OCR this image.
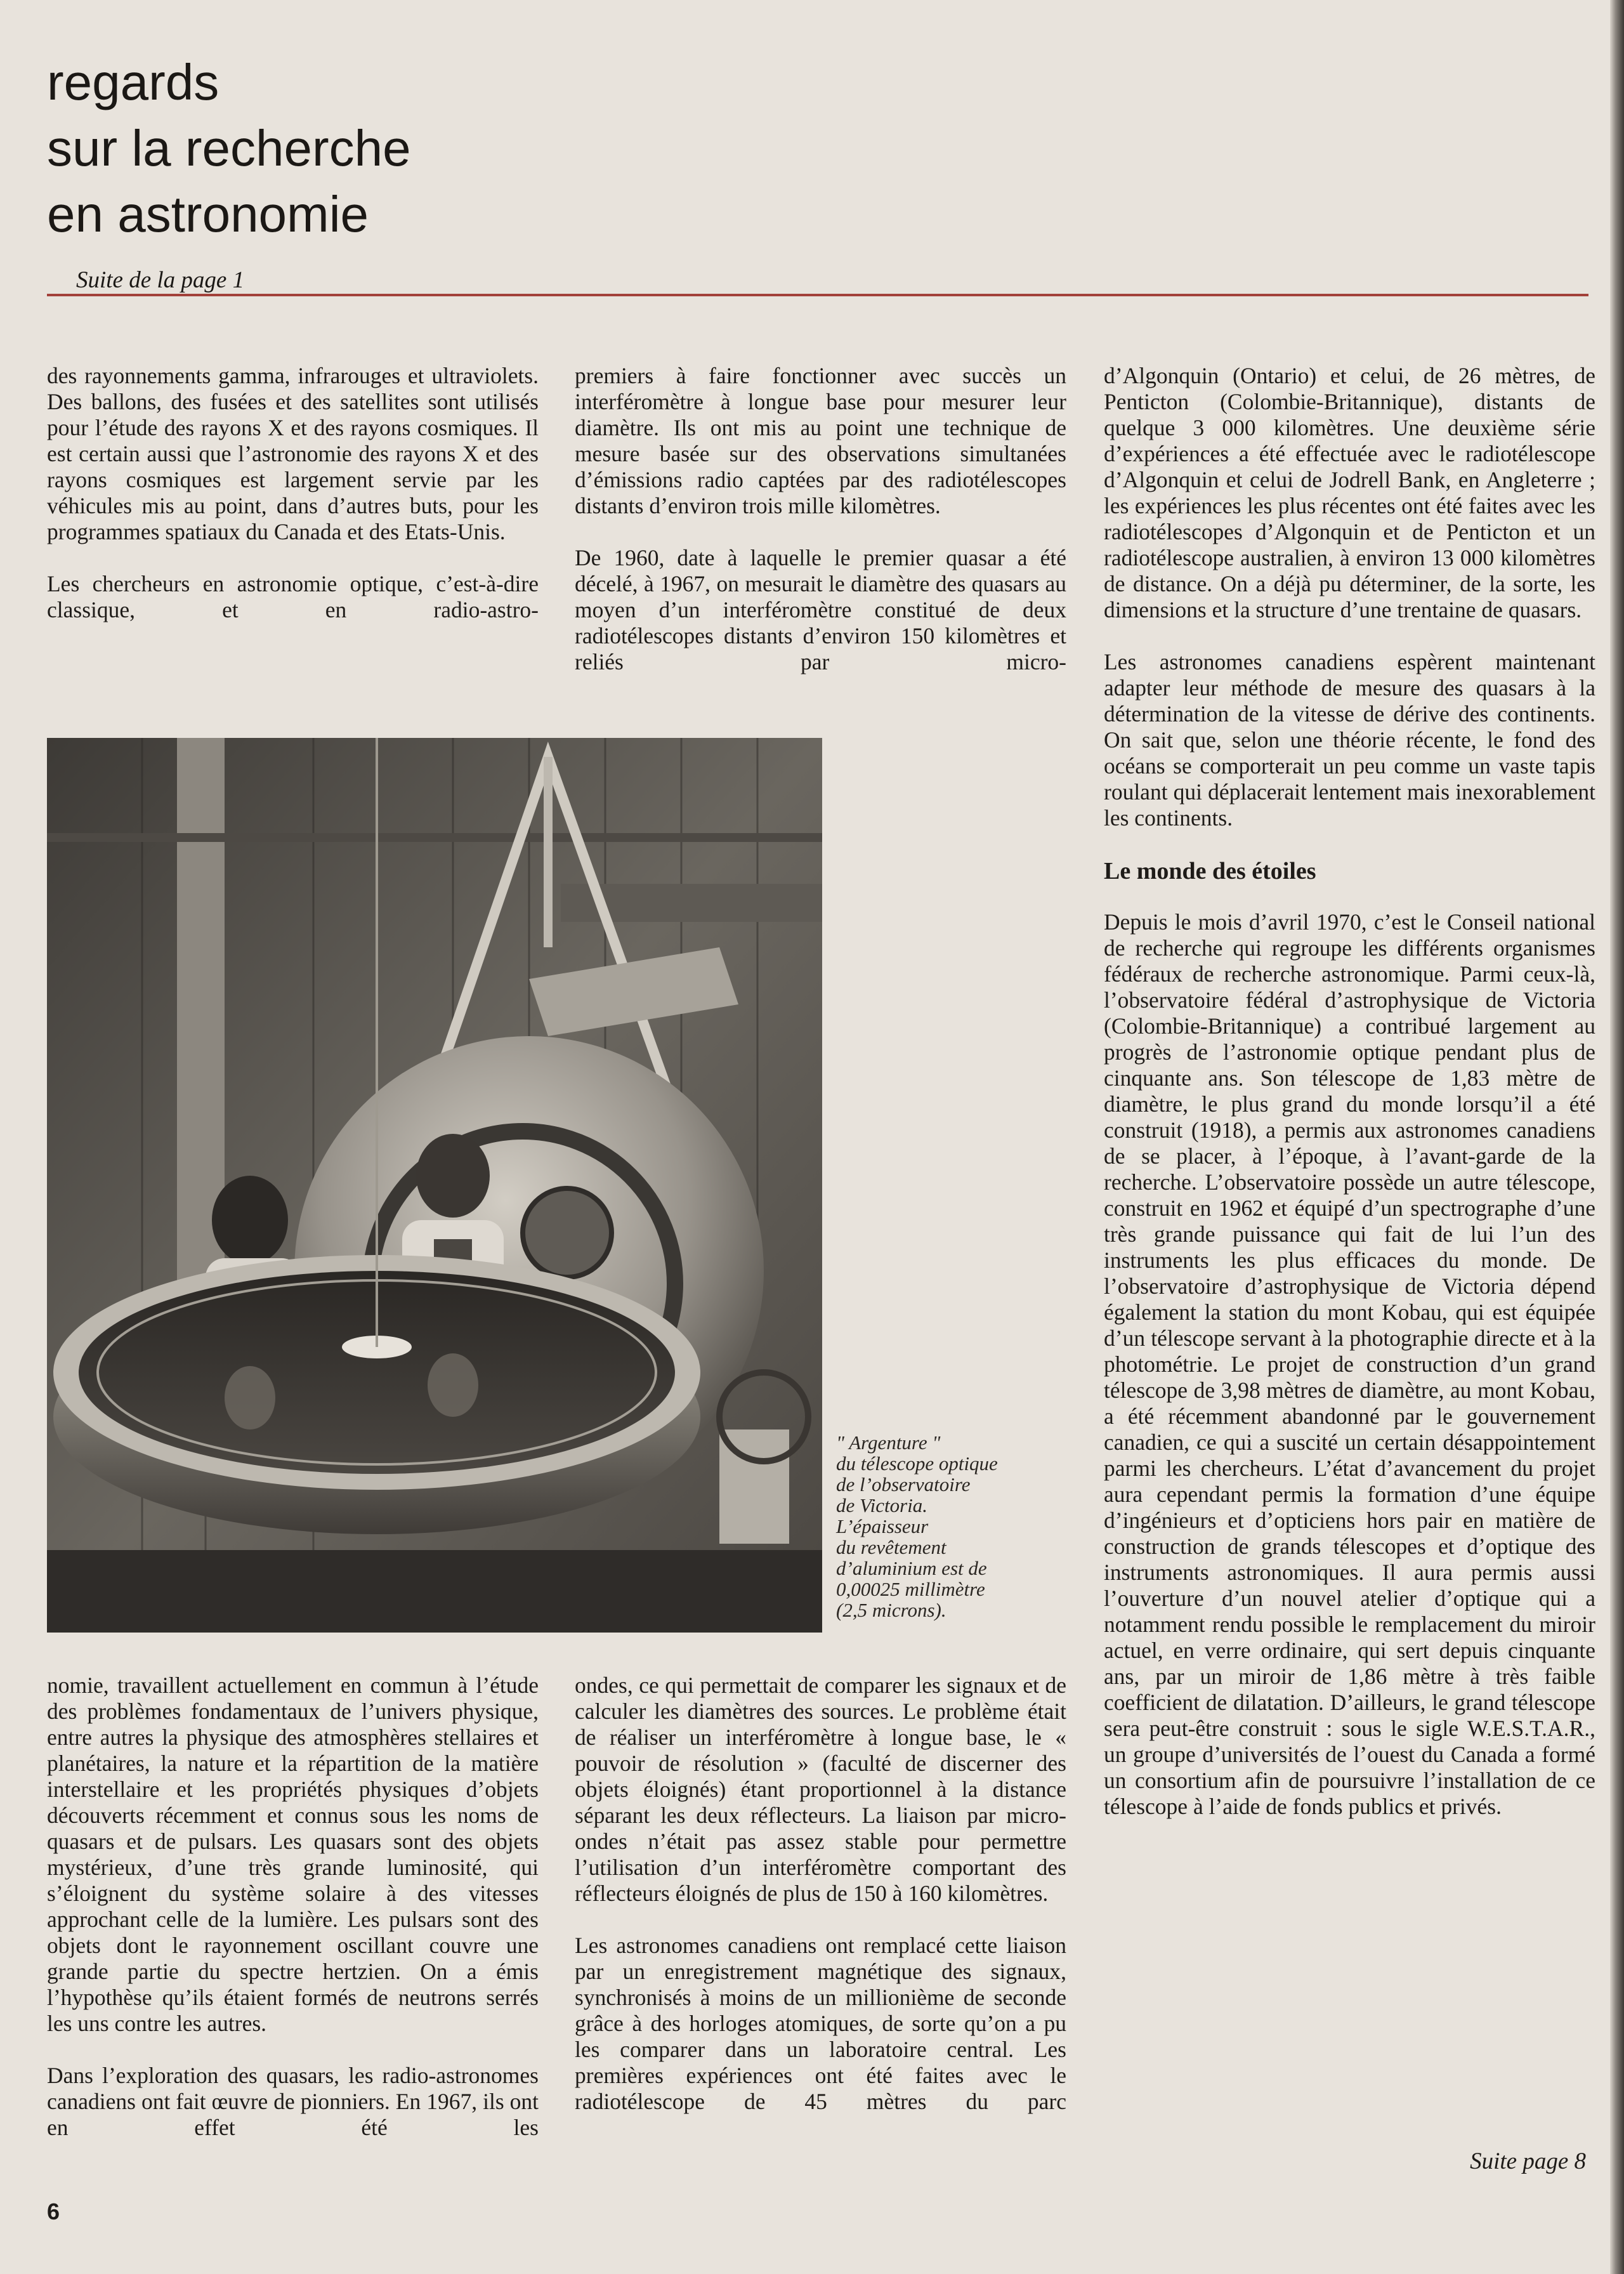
regards
sur la recherche
en astronomie
Suite de la page 1

des rayonnements gamma, infrarouges et ultraviolets. Des ballons, des fusées et des satellites sont utilisés pour l’étude des rayons X et des rayons cosmiques. Il est certain aussi que l’astronomie des rayons X et des rayons cosmiques est largement servie par les véhicules mis au point, dans d’autres buts, pour les programmes spatiaux du Canada et des Etats-Unis.

Les chercheurs en astronomie optique, c’est-à-dire classique, et en radio-astro-

premiers à faire fonctionner avec succès un interféromètre à longue base pour mesurer leur diamètre. Ils ont mis au point une technique de mesure basée sur des observations simultanées d’émissions radio captées par des radiotélescopes distants d’environ trois mille kilomètres.

De 1960, date à laquelle le premier quasar a été décelé, à 1967, on mesurait le diamètre des quasars au moyen d’un interféromètre constitué de deux radiotélescopes distants d’environ 150 kilomètres et reliés par micro-

d’Algonquin (Ontario) et celui, de 26 mètres, de Penticton (Colombie-Britannique), distants de quelque 3 000 kilomètres. Une deuxième série d’expériences a été effectuée avec le radiotélescope d’Algonquin et celui de Jodrell Bank, en Angleterre ; les expériences les plus récentes ont été faites avec les radiotélescopes d’Algonquin et de Penticton et un radiotélescope australien, à environ 13 000 kilomètres de distance. On a déjà pu déterminer, de la sorte, les dimensions et la structure d’une trentaine de quasars.

Les astronomes canadiens espèrent maintenant adapter leur méthode de mesure des quasars à la détermination de la vitesse de dérive des continents. On sait que, selon une théorie récente, le fond des océans se comporterait un peu comme un vaste tapis roulant qui déplacerait lentement mais inexorablement les continents.

Le monde des étoiles

Depuis le mois d’avril 1970, c’est le Conseil national de recherche qui regroupe les différents organismes fédéraux de recherche astronomique. Parmi ceux-là, l’observatoire fédéral d’astrophysique de Victoria (Colombie-Britannique) a contribué largement au progrès de l’astronomie optique pendant plus de cinquante ans. Son télescope de 1,83 mètre de diamètre, le plus grand du monde lorsqu’il a été construit (1918), a permis aux astronomes canadiens de se placer, à l’époque, à l’avant-garde de la recherche. L’observatoire possède un autre télescope, construit en 1962 et équipé d’un spectrographe d’une très grande puissance qui fait de lui l’un des instruments les plus efficaces du monde. De l’observatoire d’astrophysique de Victoria dépend également la station du mont Kobau, qui est équipée d’un télescope servant à la photographie directe et à la photométrie. Le projet de construction d’un grand télescope de 3,98 mètres de diamètre, au mont Kobau, a été récemment abandonné par le gouvernement canadien, ce qui a suscité un certain désappointement parmi les chercheurs. L’état d’avancement du projet aura cependant permis la formation d’une équipe d’ingénieurs et d’opticiens hors pair en matière de construction de grands télescopes et d’optique des instruments astronomiques. Il aura permis aussi l’ouverture d’un nouvel atelier d’optique qui a notamment rendu possible le remplacement du miroir actuel, en verre ordinaire, qui sert depuis cinquante ans, par un miroir de 1,86 mètre à très faible coefficient de dilatation. D’ailleurs, le grand télescope sera peut-être construit : sous le sigle W.E.S.T.A.R., un groupe d’universités de l’ouest du Canada a formé un consortium afin de poursuivre l’installation de ce télescope à l’aide de fonds publics et privés.

" Argenture "
du télescope optique
de l’observatoire
de Victoria.
L’épaisseur
du revêtement
d’aluminium est de
0,00025 millimètre
(2,5 microns).

nomie, travaillent actuellement en commun à l’étude des problèmes fondamentaux de l’univers physique, entre autres la physique des atmosphères stellaires et planétaires, la nature et la répartition de la matière interstellaire et les propriétés physiques d’objets découverts récemment et connus sous les noms de quasars et de pulsars. Les quasars sont des objets mystérieux, d’une très grande luminosité, qui s’éloignent du système solaire à des vitesses approchant celle de la lumière. Les pulsars sont des objets dont le rayonnement oscillant couvre une grande partie du spectre hertzien. On a émis l’hypothèse qu’ils étaient formés de neutrons serrés les uns contre les autres.

Dans l’exploration des quasars, les radio-astronomes canadiens ont fait œuvre de pionniers. En 1967, ils ont en effet été les

ondes, ce qui permettait de comparer les signaux et de calculer les diamètres des sources. Le problème était de réaliser un interféromètre à longue base, le « pouvoir de résolution » (faculté de discerner des objets éloignés) étant proportionnel à la distance séparant les deux réflecteurs. La liaison par micro-ondes n’était pas assez stable pour permettre l’utilisation d’un interféromètre comportant des réflecteurs éloignés de plus de 150 à 160 kilomètres.

Les astronomes canadiens ont remplacé cette liaison par un enregistrement magnétique des signaux, synchronisés à moins de un millionième de seconde grâce à des horloges atomiques, de sorte qu’on a pu les comparer dans un laboratoire central. Les premières expériences ont été faites avec le radiotélescope de 45 mètres du parc

Suite page 8
6
